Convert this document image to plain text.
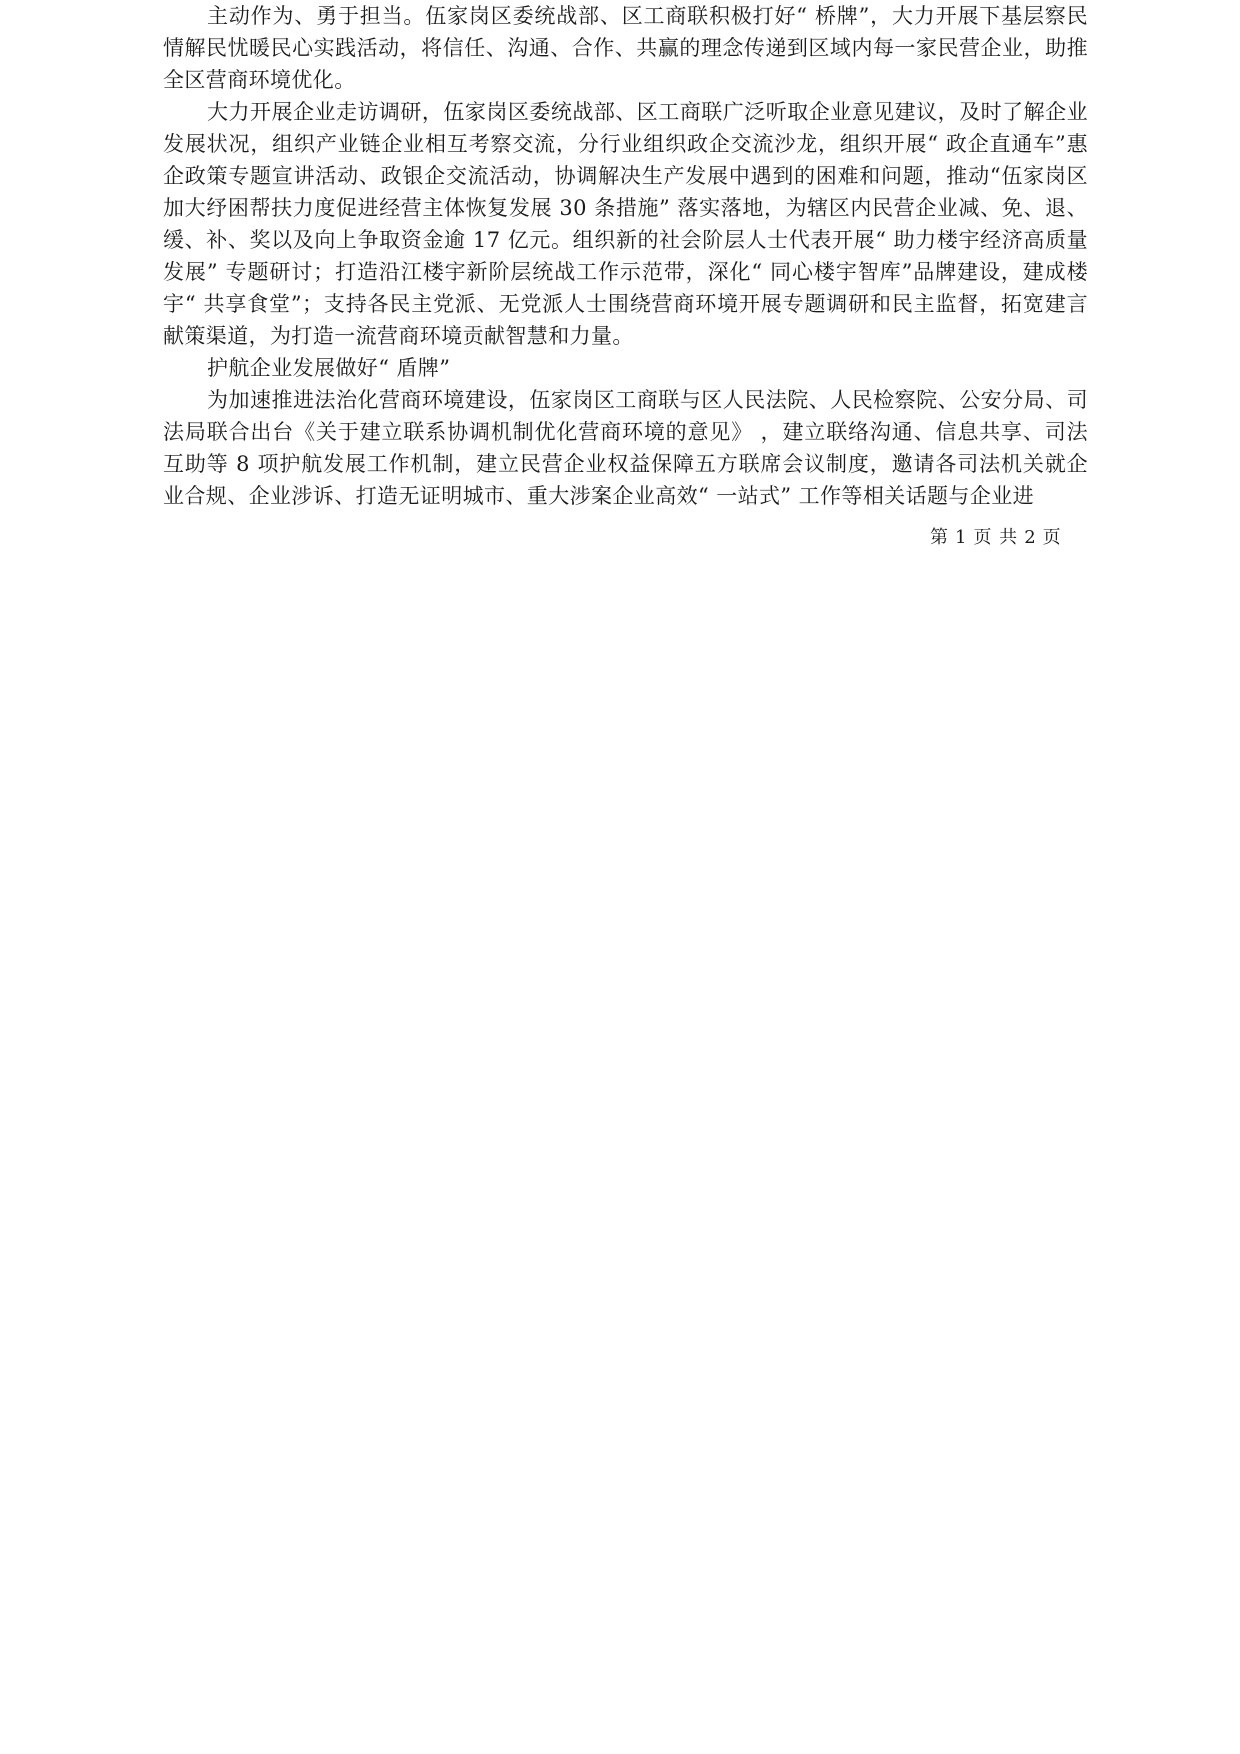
主动作为、勇于担当。伍家岗区委统战部、区工商联积极打好“ 桥牌”，大力开展下基层察民情解民忧暖民心实践活动，将信任、沟通、合作、共赢的理念传递到区域内每一家民营企业，助推全区营商环境优化。

大力开展企业走访调研，伍家岗区委统战部、区工商联广泛听取企业意见建议，及时了解企业发展状况，组织产业链企业相互考察交流，分行业组织政企交流沙龙，组织开展“ 政企直通车”惠企政策专题宣讲活动、政银企交流活动，协调解决生产发展中遇到的困难和问题，推动“伍家岗区加大纾困帮扶力度促进经营主体恢复发展 30 条措施” 落实落地，为辖区内民营企业减、免、退、缓、补、奖以及向上争取资金逾 17 亿元。组织新的社会阶层人士代表开展“ 助力楼宇经济高质量发展” 专题研讨；打造沿江楼宇新阶层统战工作示范带，深化“ 同心楼宇智库”品牌建设，建成楼宇“ 共享食堂”；支持各民主党派、无党派人士围绕营商环境开展专题调研和民主监督，拓宽建言献策渠道，为打造一流营商环境贡献智慧和力量。

护航企业发展做好“ 盾牌”

为加速推进法治化营商环境建设，伍家岗区工商联与区人民法院、人民检察院、公安分局、司法局联合出台《关于建立联系协调机制优化营商环境的意见》 ，建立联络沟通、信息共享、司法互助等 8 项护航发展工作机制，建立民营企业权益保障五方联席会议制度，邀请各司法机关就企业合规、企业涉诉、打造无证明城市、重大涉案企业高效“ 一站式” 工作等相关话题与企业进

第 1 页 共 2 页
